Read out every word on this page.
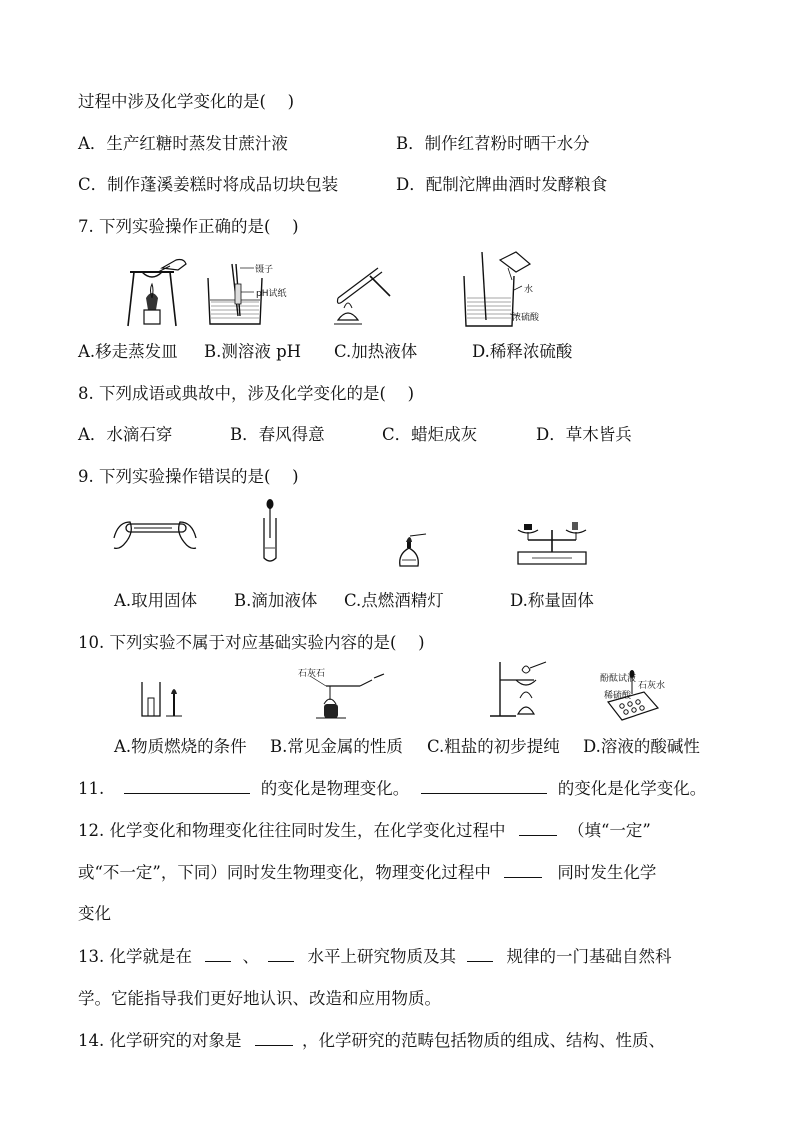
过程中涉及化学变化的是(　 )
A．生产红糖时蒸发甘蔗汁液	B．制作红苕粉时晒干水分
C．制作蓬溪姜糕时将成品切块包装	D．配制沱牌曲酒时发酵粮食
7. 下列实验操作正确的是(　 )
镊子
pH试纸	水
浓硫酸
A.移走蒸发皿 B.测溶液 pH C.加热液体	D.稀释浓硫酸
8. 下列成语或典故中，涉及化学变化的是(　 )
A．水滴石穿	B．春风得意	C．蜡炬成灰	D．草木皆兵
9. 下列实验操作错误的是(　 )
A.取用固体 B.滴加液体 C.点燃酒精灯	D.称量固体
10. 下列实验不属于对应基础实验内容的是(　 )
石灰石	酚酞试液
石灰水
稀硫酸
A.物质燃烧的条件 B.常见金属的性质 C.粗盐的初步提纯 D.溶液的酸碱性
11.	的变化是物理变化。	的变化是化学变化。
12. 化学变化和物理变化往往同时发生，在化学变化过程中	（填“一定”
或“不一定”，下同）同时发生物理变化，物理变化过程中	同时发生化学
变化
13. 化学就是在	、	水平上研究物质及其	规律的一门基础自然科
学。它能指导我们更好地认识、改造和应用物质。
14. 化学研究的对象是	，化学研究的范畴包括物质的组成、结构、性质、
